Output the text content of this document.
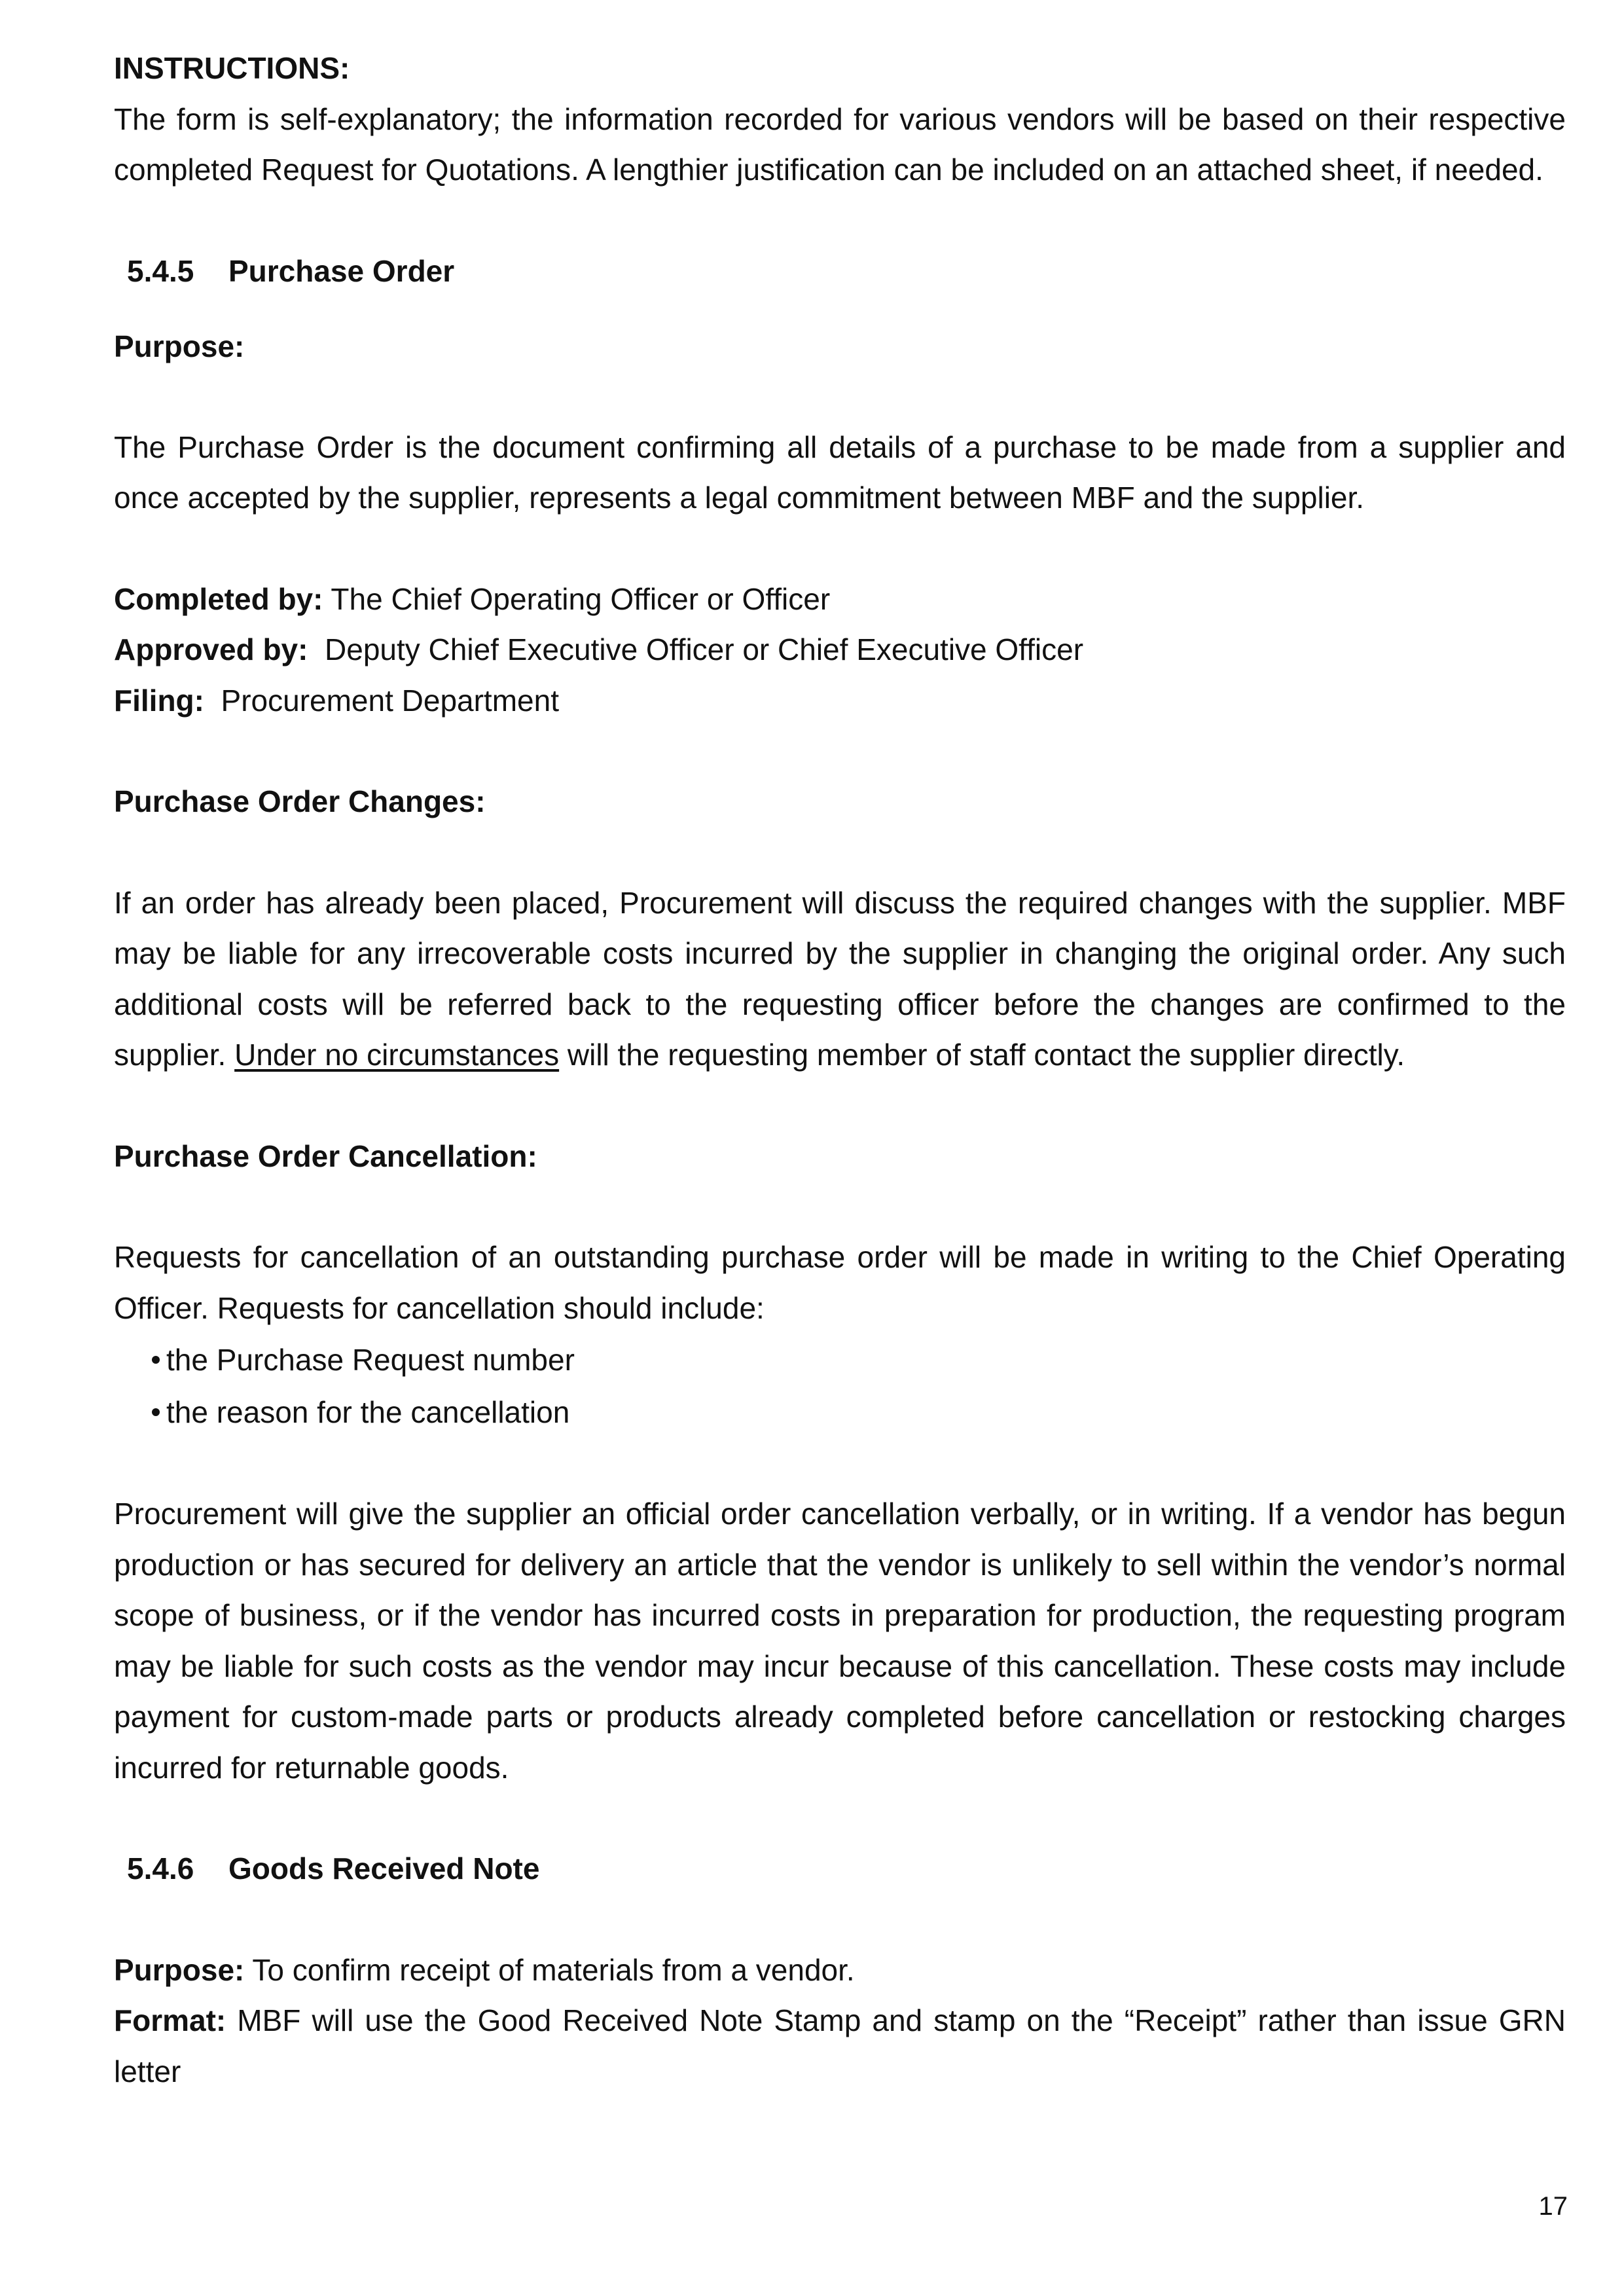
INSTRUCTIONS:

The form is self-explanatory; the information recorded for various vendors will be based on their respective completed Request for Quotations. A lengthier justification can be included on an attached sheet, if needed.

5.4.5 Purchase Order

Purpose:

The Purchase Order is the document confirming all details of a purchase to be made from a supplier and once accepted by the supplier, represents a legal commitment between MBF and the supplier.

Completed by: The Chief Operating Officer or Officer

Approved by:  Deputy Chief Executive Officer or Chief Executive Officer

Filing:  Procurement Department

Purchase Order Changes:

If an order has already been placed, Procurement will discuss the required changes with the supplier. MBF may be liable for any irrecoverable costs incurred by the supplier in changing the original order. Any such additional costs will be referred back to the requesting officer before the changes are confirmed to the supplier. Under no circumstances will the requesting member of staff contact the supplier directly.

Purchase Order Cancellation:

Requests for cancellation of an outstanding purchase order will be made in writing to the Chief Operating Officer. Requests for cancellation should include:

the Purchase Request number
the reason for the cancellation

Procurement will give the supplier an official order cancellation verbally, or in writing. If a vendor has begun production or has secured for delivery an article that the vendor is unlikely to sell within the vendor’s normal scope of business, or if the vendor has incurred costs in preparation for production, the requesting program may be liable for such costs as the vendor may incur because of this cancellation. These costs may include payment for custom-made parts or products already completed before cancellation or restocking charges incurred for returnable goods.

5.4.6 Goods Received Note

Purpose: To confirm receipt of materials from a vendor.

Format: MBF will use the Good Received Note Stamp and stamp on the “Receipt” rather than issue GRN letter

17
